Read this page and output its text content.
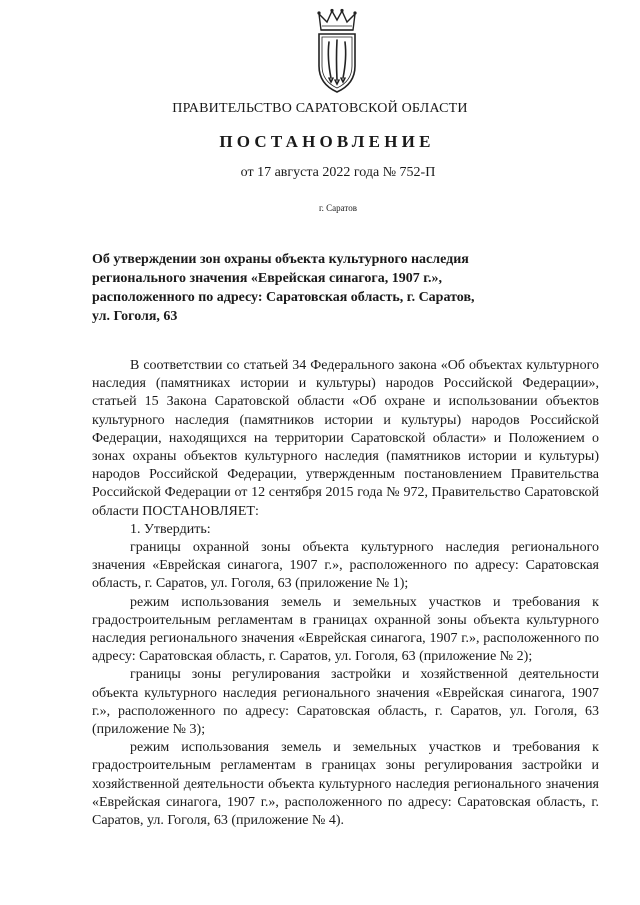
ПРАВИТЕЛЬСТВО САРАТОВСКОЙ ОБЛАСТИ
ПОСТАНОВЛЕНИЕ
от 17 августа 2022 года № 752-П
г. Саратов
Об утверждении зон охраны объекта культурного наследия
регионального значения «Еврейская синагога, 1907 г.»,
расположенного по адресу: Саратовская область, г. Саратов,
ул. Гоголя, 63

В соответствии со статьей 34 Федерального закона «Об объектах культурного наследия (памятниках истории и культуры) народов Российской Федерации», статьей 15 Закона Саратовской области «Об охране и использовании объектов культурного наследия (памятников истории и культуры) народов Российской Федерации, находящихся на территории Саратовской области» и Положением о зонах охраны объектов культурного наследия (памятников истории и культуры) народов Российской Федерации, утвержденным постановлением Правительства Российской Федерации от 12 сентября 2015 года № 972, Правительство Саратовской области ПОСТАНОВЛЯЕТ:

1. Утвердить:

границы охранной зоны объекта культурного наследия регионального значения «Еврейская синагога, 1907 г.», расположенного по адресу: Саратовская область, г. Саратов, ул. Гоголя, 63 (приложение № 1);

режим использования земель и земельных участков и требования к градостроительным регламентам в границах охранной зоны объекта культурного наследия регионального значения «Еврейская синагога, 1907 г.», расположенного по адресу: Саратовская область, г. Саратов, ул. Гоголя, 63 (приложение № 2);

границы зоны регулирования застройки и хозяйственной деятельности объекта культурного наследия регионального значения «Еврейская синагога, 1907 г.», расположенного по адресу: Саратовская область, г. Саратов, ул. Гоголя, 63 (приложение № 3);

режим использования земель и земельных участков и требования к градостроительным регламентам в границах зоны регулирования застройки и хозяйственной деятельности объекта культурного наследия регионального значения «Еврейская синагога, 1907 г.», расположенного по адресу: Саратовская область, г. Саратов, ул. Гоголя, 63 (приложение № 4).
